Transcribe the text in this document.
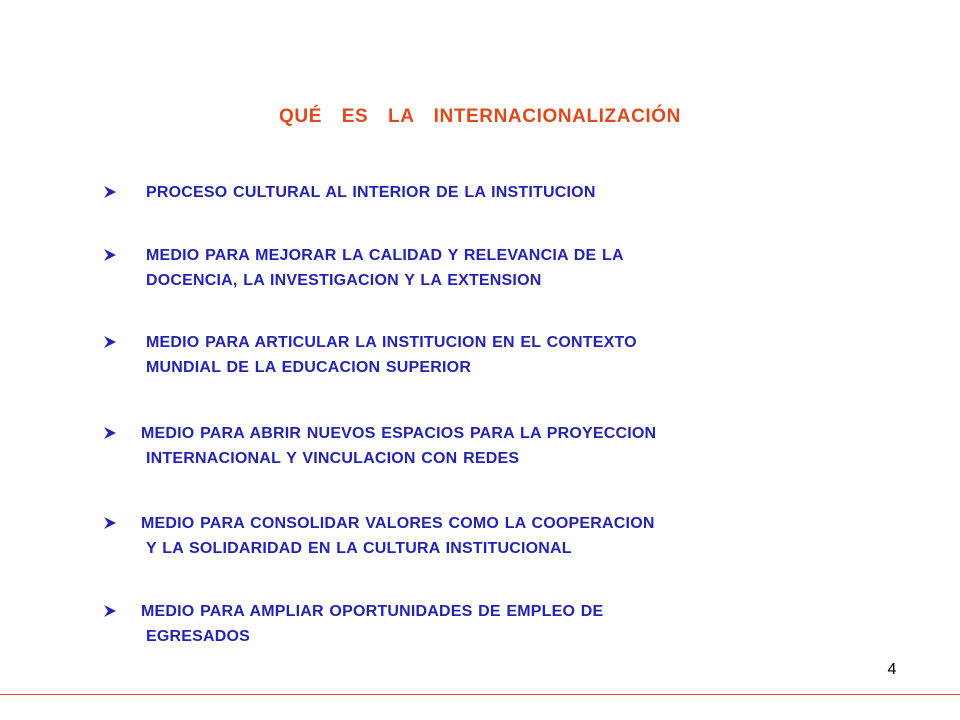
QUÉ  ES  LA  INTERNACIONALIZACIÓN
PROCESO CULTURAL AL INTERIOR DE LA INSTITUCION
MEDIO PARA MEJORAR LA CALIDAD Y RELEVANCIA DE LA
DOCENCIA, LA INVESTIGACION Y LA EXTENSION
MEDIO PARA ARTICULAR LA INSTITUCION EN EL CONTEXTO
MUNDIAL DE LA EDUCACION SUPERIOR
MEDIO PARA ABRIR NUEVOS ESPACIOS PARA LA PROYECCION
INTERNACIONAL Y VINCULACION CON REDES
MEDIO PARA CONSOLIDAR VALORES COMO LA COOPERACION
Y LA SOLIDARIDAD EN LA CULTURA INSTITUCIONAL
MEDIO PARA AMPLIAR OPORTUNIDADES DE EMPLEO DE
EGRESADOS
4
